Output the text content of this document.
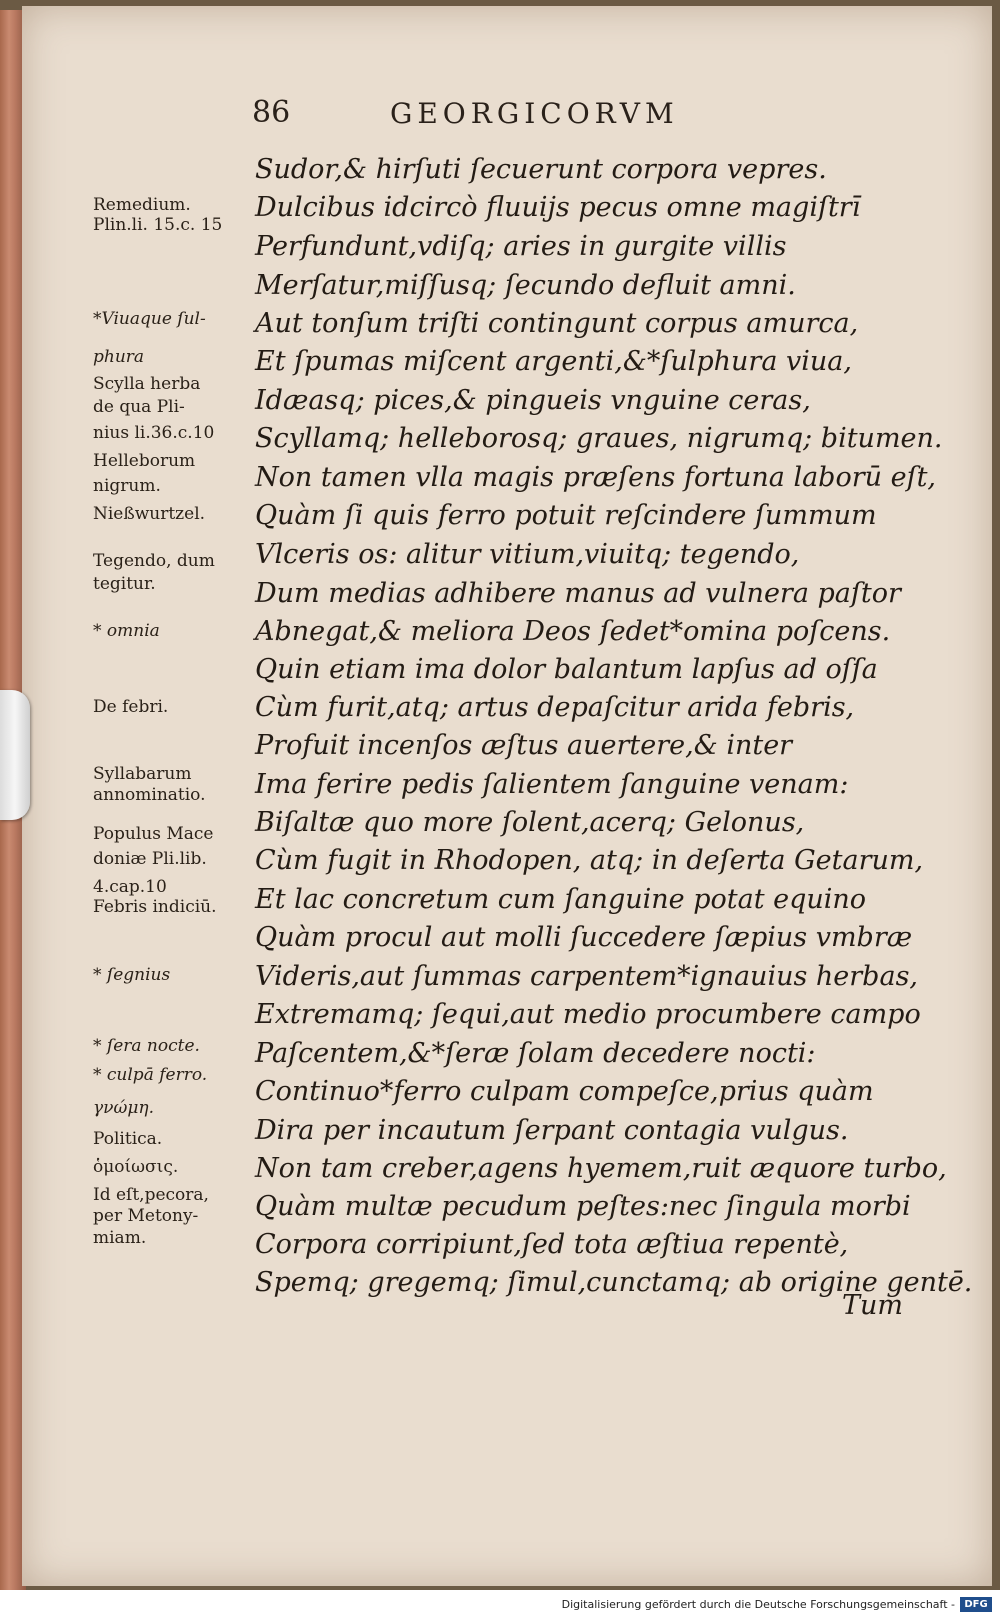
86	GEORGICORVM
Remedium.
Plin.li. 15.c. 15
*Viuaque ſul-
phura
Scylla herba
de qua Pli-
nius li.36.c.10
Helleborum
nigrum.
Nießwurtzel.
Tegendo, dum
tegitur.
* omnia
De febri.
Syllabarum
annominatio.
Populus Mace
doniæ Pli.lib.
4.cap.10
Febris indiciū.
* ſegnius
* ſera nocte.
* culpā ferro.
γνώμη.
Politica.
ὁμοίωσις.
Id eſt,pecora,
per Metony-
miam.
Sudor,& hirſuti ſecuerunt corpora vepres.
Dulcibus idcircò fluuijs pecus omne magiſtrī
Perfundunt,vdiſq; aries in gurgite villis
Merſatur,miſſusq; ſecundo defluit amni.
Aut tonſum triſti contingunt corpus amurca,
Et ſpumas miſcent argenti,&*ſulphura viua,
Idæasq; pices,& pingueis vnguine ceras,
Scyllamq; helleborosq; graues, nigrumq; bitumen.
Non tamen vlla magis præſens fortuna laborū eſt,
Quàm ſi quis ferro potuit reſcindere ſummum
Vlceris os: alitur vitium,viuitq; tegendo,
Dum medias adhibere manus ad vulnera paſtor
Abnegat,& meliora Deos ſedet*omina poſcens.
Quin etiam ima dolor balantum lapſus ad oſſa
Cùm furit,atq; artus depaſcitur arida febris,
Profuit incenſos æſtus auertere,& inter
Ima ferire pedis ſalientem ſanguine venam:
Biſaltæ quo more ſolent,acerq; Gelonus,
Cùm fugit in Rhodopen, atq; in deſerta Getarum,
Et lac concretum cum ſanguine potat equino
Quàm procul aut molli ſuccedere ſæpius vmbræ
Videris,aut ſummas carpentem*ignauius herbas,
Extremamq; ſequi,aut medio procumbere campo
Paſcentem,&*ſeræ ſolam decedere nocti:
Continuo*ferro culpam compeſce,prius quàm
Dira per incautum ſerpant contagia vulgus.
Non tam creber,agens hyemem,ruit æquore turbo,
Quàm multæ pecudum peſtes:nec ſingula morbi
Corpora corripiunt,ſed tota æſtiua repentè,
Spemq; gregemq; ſimul,cunctamq; ab origine gentē.
Tum
Digitalisierung gefördert durch die Deutsche Forschungsgemeinschaft - DFG
